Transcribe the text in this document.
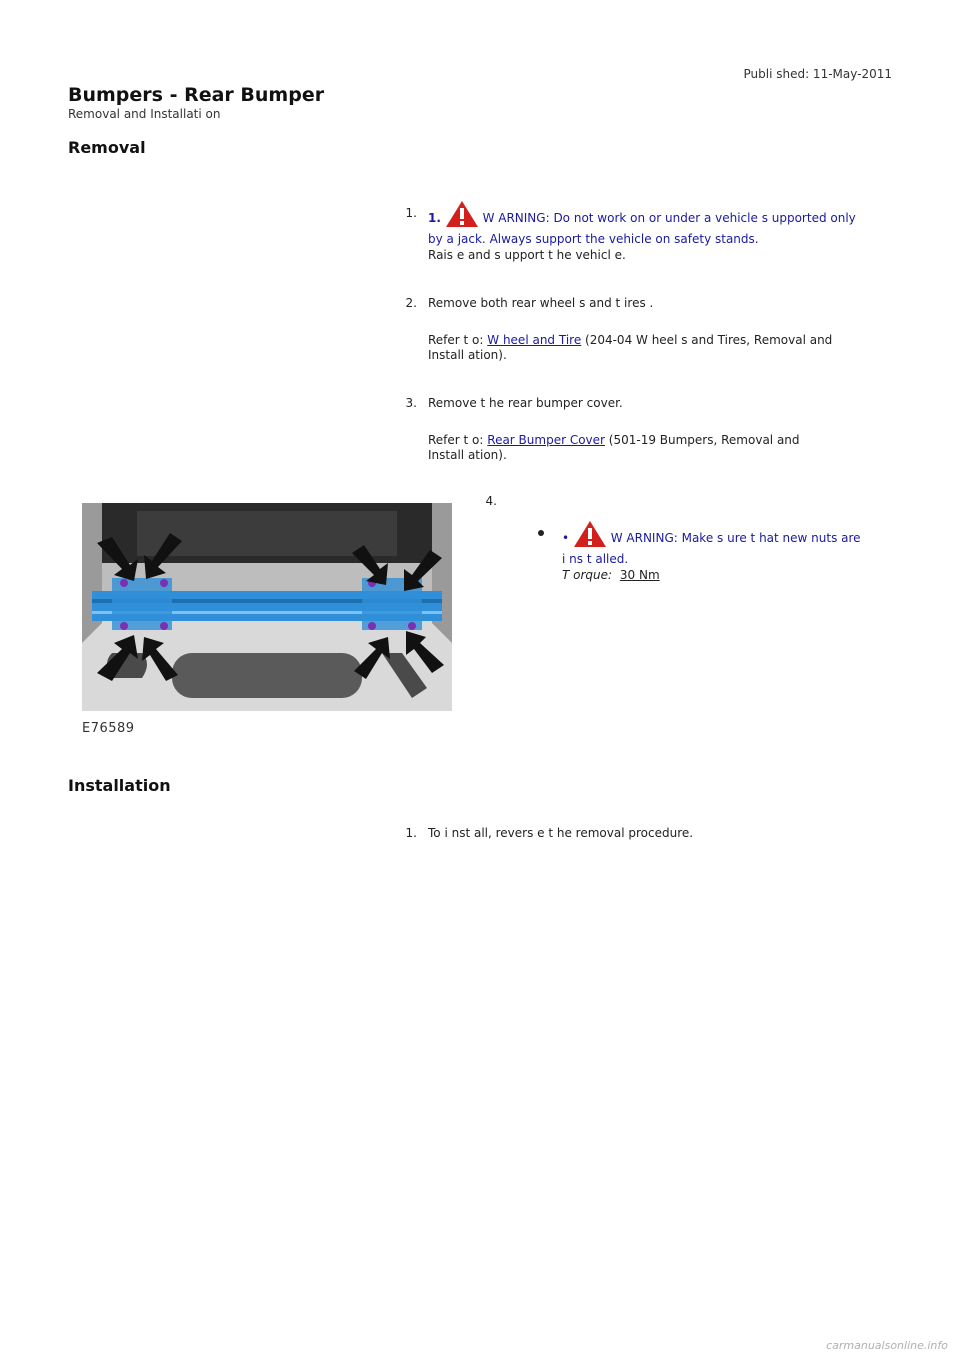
Publi shed: 11-May-2011
Bumpers - Rear Bumper
Removal and Installati on
Removal
1. 1.	W ARNING: Do not work on or under a vehicle s upported only
by a jack. Always support the vehicle on safety stands.
Rais e and s upport t he vehicl e.
2. Remove both rear wheel s and t ires .
Refer t o: W heel and Tire (204-04 W heel s and Tires, Removal and
Install ation).
3. Remove t he rear bumper cover.
Refer t o: Rear Bumper Cover (501-19 Bumpers, Removal and
Install ation).
E76589
4.
•	W ARNING: Make s ure t hat new nuts are
i ns t alled.
T orque: 30 Nm
Installation
1. To i nst all, revers e t he removal procedure.
carmanualsonline.info
